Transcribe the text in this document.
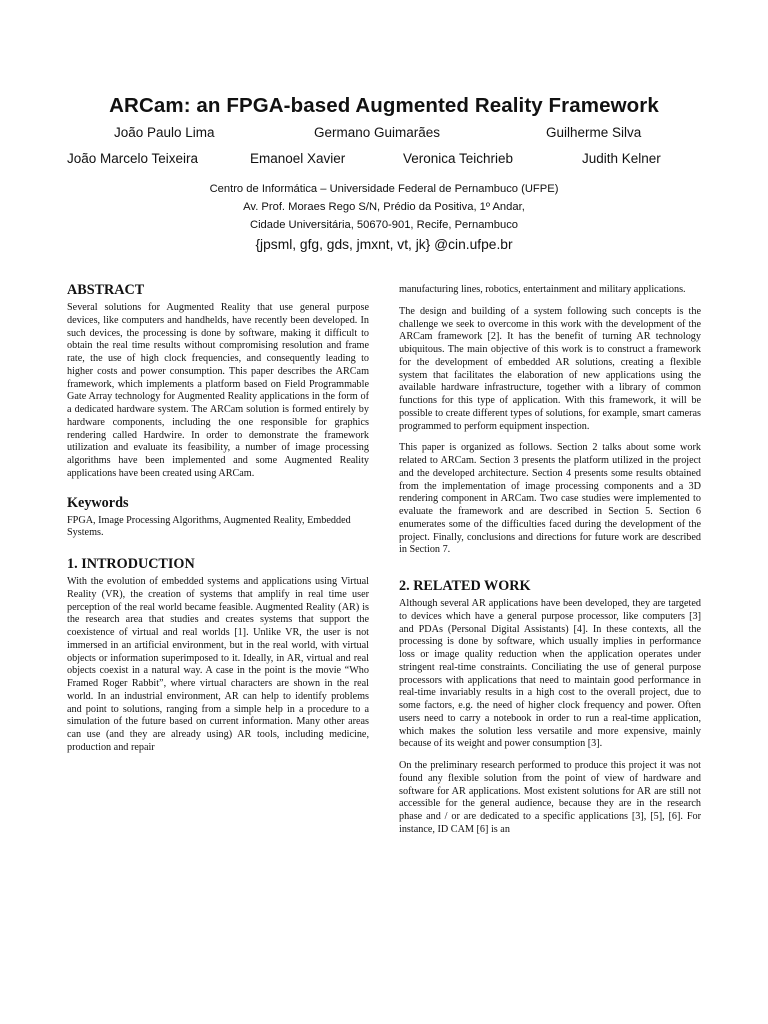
ARCam: an FPGA-based Augmented Reality Framework
João Paulo Lima	Germano Guimarães	Guilherme Silva
João Marcelo Teixeira	Emanoel Xavier	Veronica Teichrieb	Judith Kelner
Centro de Informática – Universidade Federal de Pernambuco (UFPE)
Av. Prof. Moraes Rego S/N, Prédio da Positiva, 1º Andar,
Cidade Universitária, 50670-901, Recife, Pernambuco
{jpsml, gfg, gds, jmxnt, vt, jk} @cin.ufpe.br
ABSTRACT

Several solutions for Augmented Reality that use general purpose devices, like computers and handhelds, have recently been developed. In such devices, the processing is done by software, making it difficult to obtain the real time results without compromising resolution and frame rate, the use of high clock frequencies, and consequently leading to higher costs and power consumption. This paper describes the ARCam framework, which implements a platform based on Field Programmable Gate Array technology for Augmented Reality applications in the form of a dedicated hardware system. The ARCam solution is formed entirely by hardware components, including the one responsible for graphics rendering called Hardwire. In order to demonstrate the framework utilization and evaluate its feasibility, a number of image processing algorithms have been implemented and some Augmented Reality applications have been created using ARCam.

Keywords

FPGA, Image Processing Algorithms, Augmented Reality, Embedded Systems.

1. INTRODUCTION

With the evolution of embedded systems and applications using Virtual Reality (VR), the creation of systems that amplify in real time user perception of the real world became feasible. Augmented Reality (AR) is the research area that studies and creates systems that support the coexistence of virtual and real worlds [1]. Unlike VR, the user is not immersed in an artificial environment, but in the real world, with virtual objects or information superimposed to it. Ideally, in AR, virtual and real objects coexist in a natural way. A case in the point is the movie “Who Framed Roger Rabbit”, where virtual characters are shown in the real world. In an industrial environment, AR can help to identify problems and point to solutions, ranging from a simple help in a procedure to a simulation of the future based on current information. Many other areas can use (and they are already using) AR tools, including medicine, production and repair

manufacturing lines, robotics, entertainment and military applications.

The design and building of a system following such concepts is the challenge we seek to overcome in this work with the development of the ARCam framework [2]. It has the benefit of turning AR technology ubiquitous. The main objective of this work is to construct a framework for the development of embedded AR solutions, creating a flexible system that facilitates the elaboration of new applications using the available hardware infrastructure, together with a library of common functions for this type of application. With this framework, it will be possible to create different types of solutions, for example, smart cameras programmed to perform equipment inspection.

This paper is organized as follows. Section 2 talks about some work related to ARCam. Section 3 presents the platform utilized in the project and the developed architecture. Section 4 presents some results obtained from the implementation of image processing components and a 3D rendering component in ARCam. Two case studies were implemented to evaluate the framework and are described in Section 5. Section 6 enumerates some of the difficulties faced during the development of the project. Finally, conclusions and directions for future work are described in Section 7.

2. RELATED WORK

Although several AR applications have been developed, they are targeted to devices which have a general purpose processor, like computers [3] and PDAs (Personal Digital Assistants) [4]. In these contexts, all the processing is done by software, which usually implies in performance loss or image quality reduction when the application operates under stringent real-time constraints. Conciliating the use of general purpose processors with applications that need to maintain good performance in real-time invariably results in a high cost to the overall project, due to some factors, e.g. the need of higher clock frequency and power. Often users need to carry a notebook in order to run a real-time application, which makes the solution less versatile and more expensive, mainly because of its weight and power consumption [3].

On the preliminary research performed to produce this project it was not found any flexible solution from the point of view of hardware and software for AR applications. Most existent solutions for AR are still not accessible for the general audience, because they are in the research phase and / or are dedicated to a specific applications [3], [5], [6]. For instance, ID CAM [6] is an
